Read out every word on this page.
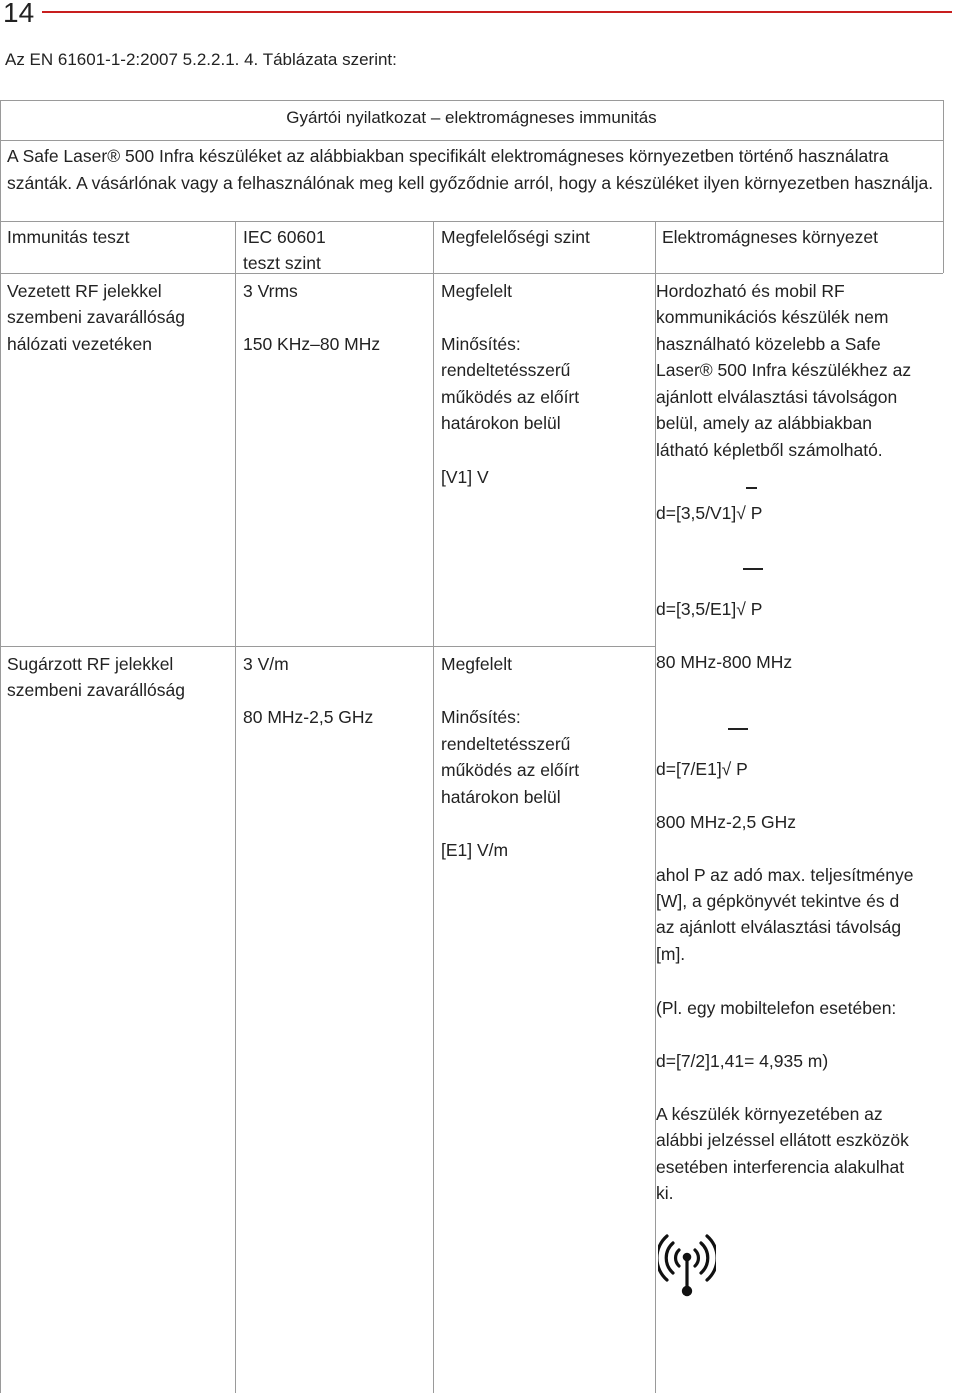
14
Az EN 61601-1-2:2007 5.2.2.1. 4. Táblázata szerint:
Gyártói nyilatkozat – elektromágneses immunitás
A Safe Laser® 500 Infra készüléket az alábbiakban specifikált elektromágneses környezetben történő használatra szánták. A vásárlónak vagy a felhasználónak meg kell győződnie arról, hogy a készüléket ilyen környezetben használja.
Immunitás teszt	IEC 60601
teszt szint
Megfelelőségi szint	Elektromágneses környezet
Vezetett RF jelekkel
szembeni zavarállóság
hálózati vezetéken
3 Vrms
150 KHz–80 MHz
Megfelelt
Minősítés:
rendeltetésszerű
működés az előírt
határokon belül
[V1] V
Hordozható és mobil RF
kommunikációs készülék nem
használható közelebb a Safe
Laser® 500 Infra készülékhez az
ajánlott elválasztási távolságon
belül, amely az alábbiakban
látható képletből számolható.
d=[3,5/V1]√ P
d=[3,5/E1]√ P
Sugárzott RF jelekkel
szembeni zavarállóság
3 V/m
80 MHz-2,5 GHz
Megfelelt
Minősítés:
rendeltetésszerű
működés az előírt
határokon belül
[E1] V/m
80 MHz-800 MHz
d=[7/E1]√ P
800 MHz-2,5 GHz
ahol P az adó max. teljesítménye
[W], a gépkönyvét tekintve és d
az ajánlott elválasztási távolság
[m].
(Pl. egy mobiltelefon esetében:
d=[7/2]1,41= 4,935 m)
A készülék környezetében az
alábbi jelzéssel ellátott eszközök
esetében interferencia alakulhat
ki.
